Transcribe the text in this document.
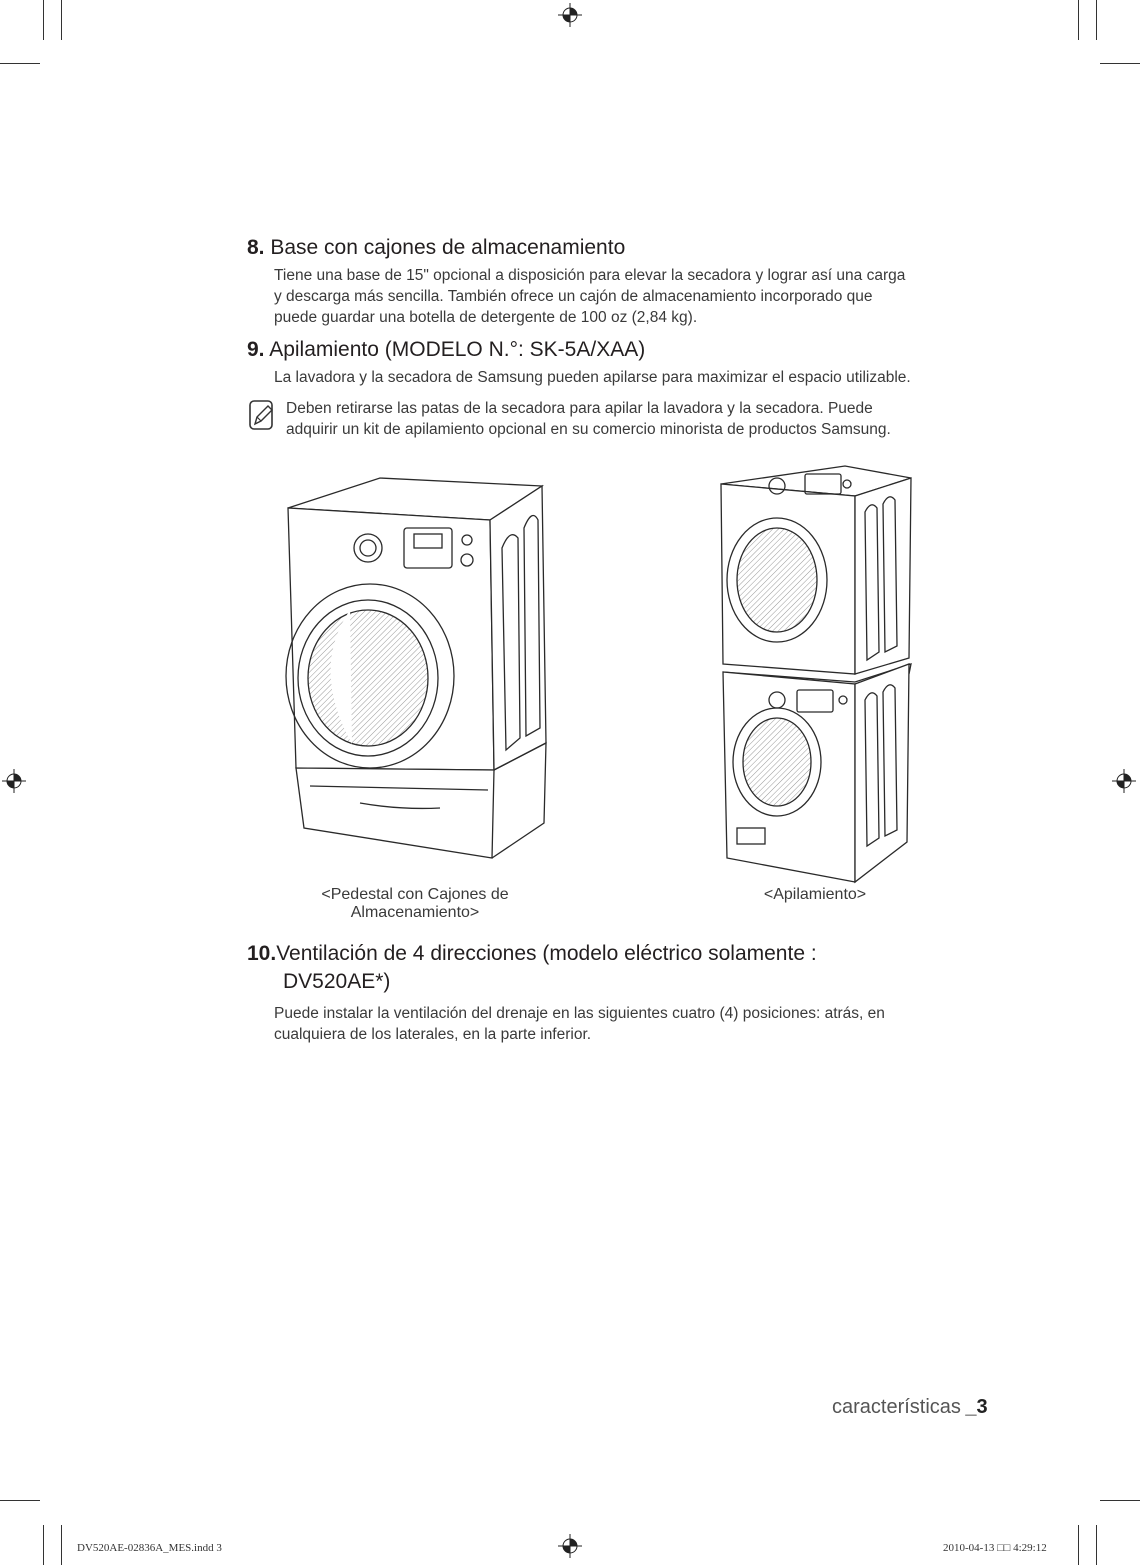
8. Base con cajones de almacenamiento
Tiene una base de 15" opcional a disposición para elevar la secadora y lograr así una carga
y descarga más sencilla. También ofrece un cajón de almacenamiento incorporado que
puede guardar una botella de detergente de 100 oz (2,84 kg).
9. Apilamiento (MODELO N.°: SK-5A/XAA)
La lavadora y la secadora de Samsung pueden apilarse para maximizar el espacio utilizable.
Deben retirarse las patas de la secadora para apilar la lavadora y la secadora. Puede
adquirir un kit de apilamiento opcional en su comercio minorista de productos Samsung.
<Pedestal con Cajones de
Almacenamiento>
<Apilamiento>
10.Ventilación de 4 direcciones (modelo eléctrico solamente :
DV520AE*)
Puede instalar la ventilación del drenaje en las siguientes cuatro (4) posiciones: atrás, en
cualquiera de los laterales, en la parte inferior.
características _3
DV520AE-02836A_MES.indd 3	2010-04-13 □□ 4:29:12
